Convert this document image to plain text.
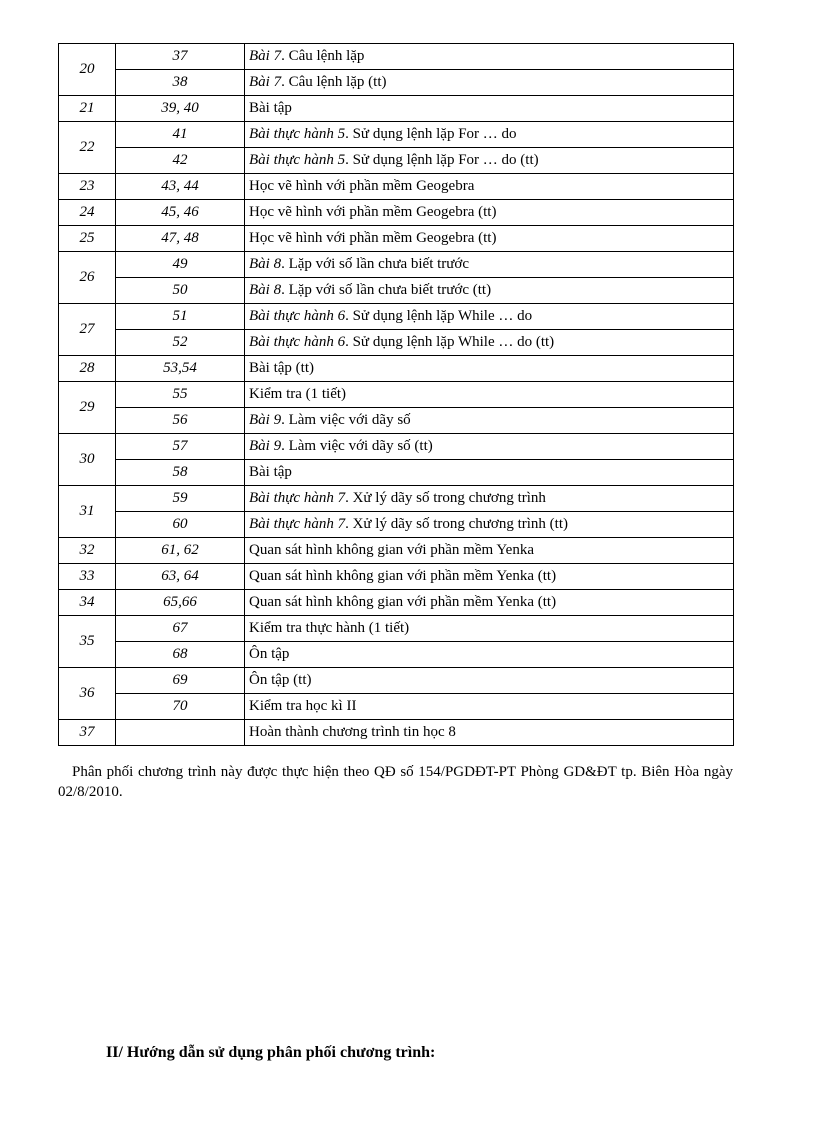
20	37	Bài 7. Câu lệnh lặp
	38	Bài 7. Câu lệnh lặp (tt)
21	39, 40	Bài tập
22	41	Bài thực hành 5. Sử dụng lệnh lặp For … do
	42	Bài thực hành 5. Sử dụng lệnh lặp For … do (tt)
23	43, 44	Học vẽ hình với phần mềm Geogebra
24	45, 46	Học vẽ hình với phần mềm Geogebra (tt)
25	47, 48	Học vẽ hình với phần mềm Geogebra (tt)
26	49	Bài 8. Lặp với số lần chưa biết trước
	50	Bài 8. Lặp với số lần chưa biết trước (tt)
27	51	Bài thực hành 6. Sử dụng lệnh lặp While … do
	52	Bài thực hành 6. Sử dụng lệnh lặp While … do (tt)
28	53,54	Bài tập (tt)
29	55	Kiểm tra (1 tiết)
	56	Bài 9. Làm việc với dãy số
30	57	Bài 9. Làm việc với dãy số (tt)
	58	Bài tập
31	59	Bài thực hành 7. Xử lý dãy số trong chương trình
	60	Bài thực hành 7. Xử lý dãy số trong chương trình (tt)
32	61, 62	Quan sát hình không gian với phần mềm Yenka
33	63, 64	Quan sát hình không gian với phần mềm Yenka (tt)
34	65,66	Quan sát hình không gian với phần mềm Yenka (tt)
35	67	Kiểm tra thực hành (1 tiết)
	68	Ôn tập
36	69	Ôn tập (tt)
	70	Kiểm tra học kì II
37		Hoàn thành chương trình tin học 8

Phân phối chương trình này được thực hiện theo QĐ số 154/PGDĐT-PT Phòng GD&ĐT tp. Biên Hòa ngày 02/8/2010.

II/ Hướng dẫn sử dụng phân phối chương trình:
